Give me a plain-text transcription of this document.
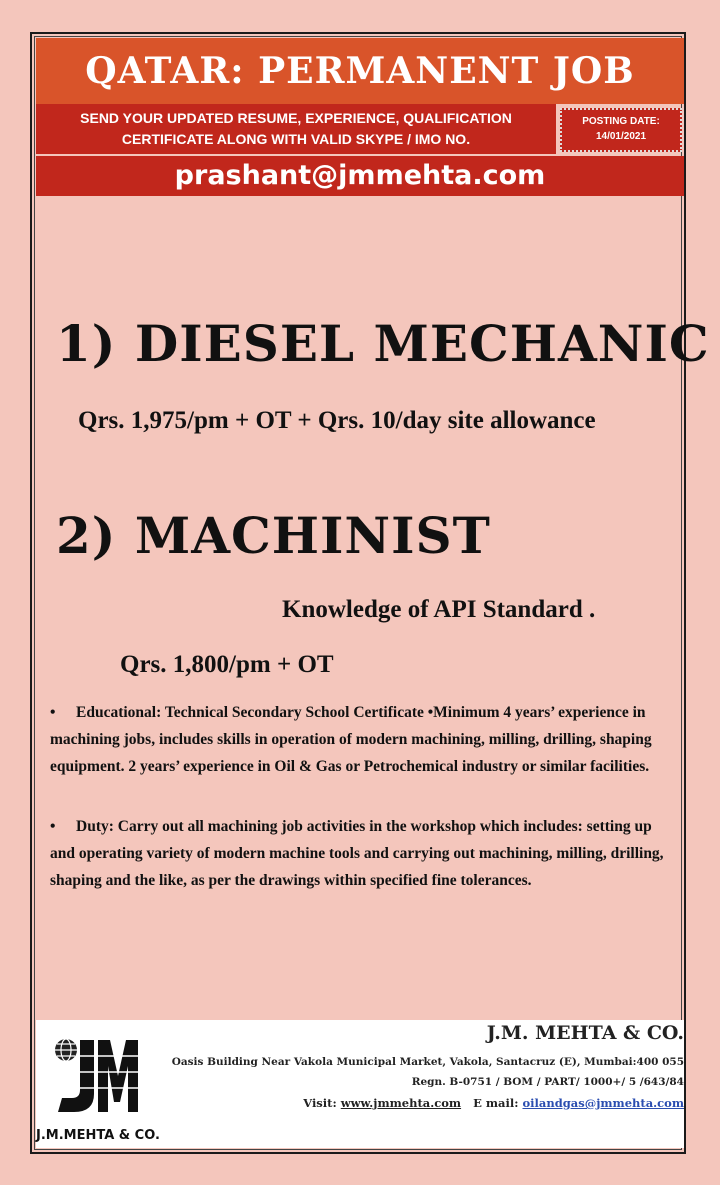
QATAR: PERMANENT JOB
SEND YOUR UPDATED RESUME, EXPERIENCE, QUALIFICATION
CERTIFICATE ALONG WITH VALID SKYPE / IMO NO.
POSTING DATE:
14/01/2021
prashant@jmmehta.com
1) DIESEL MECHANIC
Qrs. 1,975/pm + OT + Qrs. 10/day site allowance
2) MACHINIST
Knowledge of API Standard .
Qrs. 1,800/pm + OT
• Educational: Technical Secondary School Certificate •Minimum 4 years’ experience in machining jobs, includes skills in operation of modern machining, milling, drilling, shaping equipment. 2 years’ experience in Oil & Gas or Petrochemical industry or similar facilities.
• Duty: Carry out all machining job activities in the workshop which includes: setting up and operating variety of modern machine tools and carrying out machining, milling, drilling, shaping and the like, as per the drawings within specified fine tolerances.
J.M.MEHTA & CO.
J.M. MEHTA & CO.
Oasis Building Near Vakola Municipal Market, Vakola, Santacruz (E), Mumbai:400 055
Regn. B-0751 / BOM / PART/ 1000+/ 5 /643/84
Visit: www.jmmehta.com E mail: oilandgas@jmmehta.com
